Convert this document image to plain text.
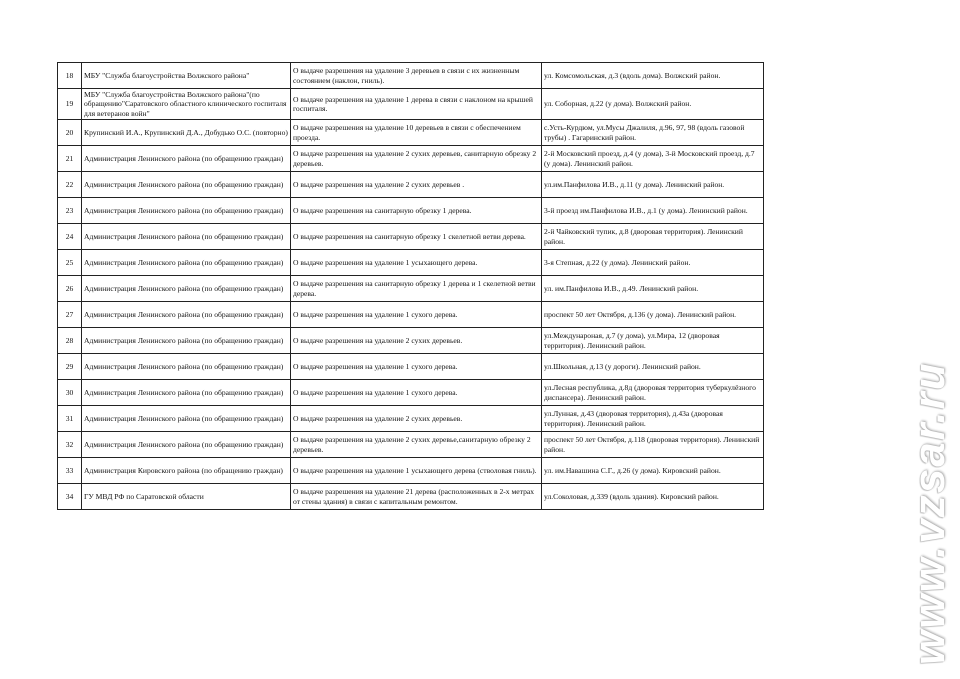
18	МБУ "Служба благоустройства Волжского района"	О выдаче разрешения на удаление 3 деревьев в связи с их жизненным состоянием (наклон, гниль).	ул. Комсомольская, д.3 (вдоль дома). Волжский район.
19	МБУ "Служба благоустройства Волжского района"(по обращению"Саратовского областного клинического госпиталя для ветеранов войн"	О выдаче разрешения на удаление 1 дерева в связи с наклоном на крышей госпиталя.	ул. Соборная, д.22 (у дома). Волжский район.
20	Крупинский И.А., Крупинский Д.А., Добудько О.С. (повторно)	О выдаче разрешения на удаление 10 деревьев в связи с обеспечением проезда.	с.Усть-Курдюм, ул.Мусы Джалиля, д.96, 97, 98 (вдоль газовой трубы) . Гагаринский район.
21	Администрация Ленинского района (по обращению граждан)	О выдаче разрешения на удаление 2 сухих деревьев, санитарную обрезку 2 деревьев.	2-й Московский проезд, д.4 (у дома), 3-й Московский проезд, д.7 (у дома). Ленинский район.
22	Администрация Ленинского района (по обращению граждан)	О выдаче разрешения на удаление 2 сухих деревьев .	ул.им.Панфилова И.В., д.11 (у дома). Ленинский район.
23	Администрация Ленинского района (по обращению граждан)	О выдаче разрешения на санитарную обрезку 1 дерева.	3-й проезд им.Панфилова И.В., д.1 (у дома). Ленинский район.
24	Администрация Ленинского района (по обращению граждан)	О выдаче разрешения на санитарную обрезку 1 скелетной ветви дерева.	2-й Чайковский тупик, д.8 (дворовая территория). Ленинский район.
25	Администрация Ленинского района (по обращению граждан)	О выдаче разрешения на удаление 1 усыхающего дерева.	3-я Степная, д.22 (у дома). Ленинский район.
26	Администрация Ленинского района (по обращению граждан)	О выдаче разрешения на санитарную обрезку 1 дерева и 1 скелетной ветви дерева.	ул. им.Панфилова И.В., д.49. Ленинский район.
27	Администрация Ленинского района (по обращению граждан)	О выдаче разрешения на удаление 1 сухого дерева.	проспект 50 лет Октября, д.136 (у дома). Ленинский район.
28	Администрация Ленинского района (по обращению граждан)	О выдаче разрешения на удаление 2 сухих деревьев.	ул.Междунароная, д.7 (у дома), ул.Мира, 12 (дворовая территория). Ленинский район.
29	Администрация Ленинского района (по обращению граждан)	О выдаче разрешения на удаление 1 сухого дерева.	ул.Школьная, д.13 (у дороги). Ленинский район.
30	Администрация Ленинского района (по обращению граждан)	О выдаче разрешения на удаление 1 сухого дерева.	ул.Лесная республика, д.8д (дворовая территория туберкулёзного диспансера). Ленинский район.
31	Администрация Ленинского района (по обращению граждан)	О выдаче разрешения на удаление 2 сухих деревьев.	ул.Лунная, д.43 (дворовая территория), д.43а (дворовая территория). Ленинский район.
32	Администрация Ленинского района (по обращению граждан)	О выдаче разрешения на удаление 2 сухих деревье,санитарную обрезку 2 деревьев.	проспект 50 лет Октября, д.118 (дворовая территория). Ленинский район.
33	Администрация Кировского района (по обращению граждан)	О выдаче разрешения на удаление 1 усыхающего дерева (стволовая гниль).	ул. им.Навашина С.Г., д.26 (у дома). Кировский район.
34	ГУ МВД РФ по Саратовской области	О выдаче разрешения на удаление 21 дерева (расположенных в 2-х метрах от стены здания) в связи с капитальным ремонтом.	ул.Соколовая, д.339 (вдоль здания). Кировский район.	www.vzsar.ru
